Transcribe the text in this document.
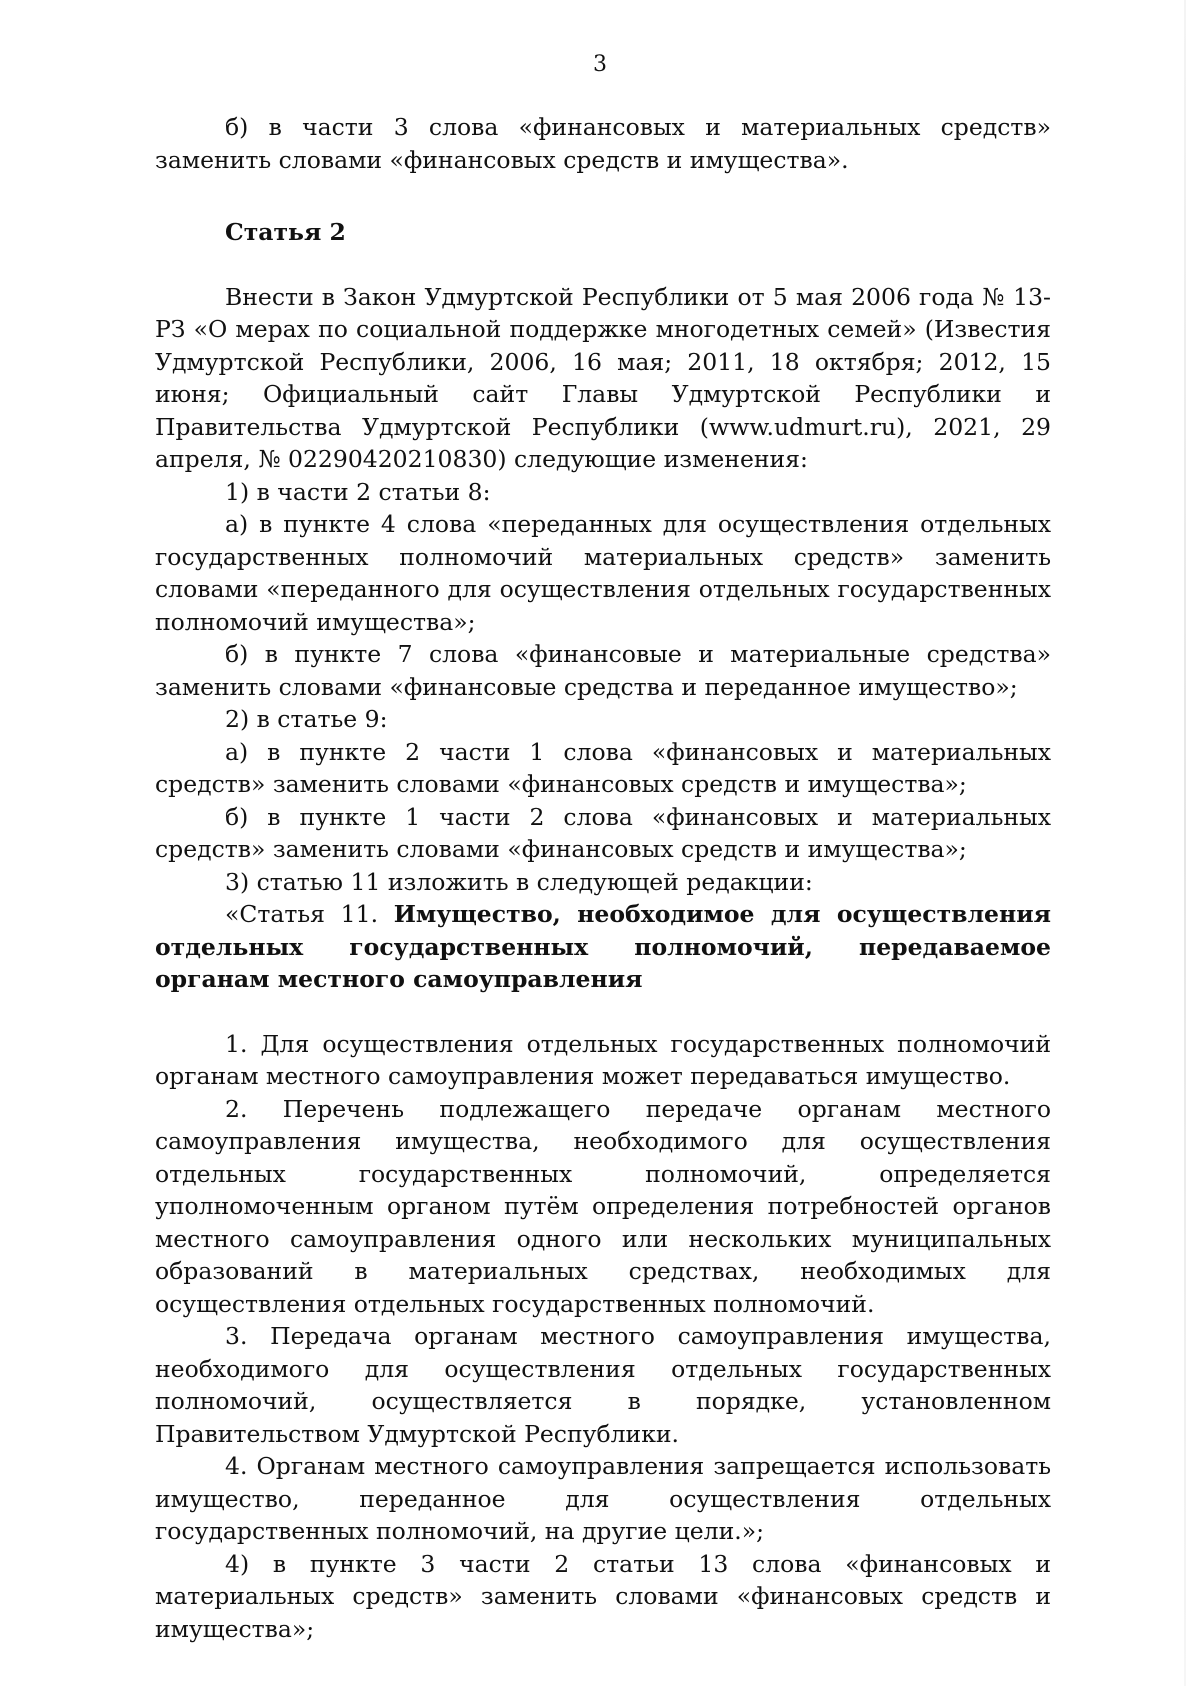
3

б) в части 3 слова «финансовых и материальных средств» заменить словами «финансовых средств и имущества».

Статья 2

Внести в Закон Удмуртской Республики от 5 мая 2006 года № 13-РЗ «О мерах по социальной поддержке многодетных семей» (Известия Удмуртской Республики, 2006, 16 мая; 2011, 18 октября; 2012, 15 июня; Официальный сайт Главы Удмуртской Республики и Правительства Удмуртской Республики (www.udmurt.ru), 2021, 29 апреля, № 02290420210830) следующие изменения:

1) в части 2 статьи 8:

а) в пункте 4 слова «переданных для осуществления отдельных государственных полномочий материальных средств» заменить словами «переданного для осуществления отдельных государственных полномочий имущества»;

б) в пункте 7 слова «финансовые и материальные средства» заменить словами «финансовые средства и переданное имущество»;

2) в статье 9:

а) в пункте 2 части 1 слова «финансовых и материальных средств» заменить словами «финансовых средств и имущества»;

б) в пункте 1 части 2 слова «финансовых и материальных средств» заменить словами «финансовых средств и имущества»;

3) статью 11 изложить в следующей редакции:

«Статья 11. Имущество, необходимое для осуществления отдельных государственных полномочий, передаваемое органам местного самоуправления

1. Для осуществления отдельных государственных полномочий органам местного самоуправления может передаваться имущество.

2. Перечень подлежащего передаче органам местного самоуправления имущества, необходимого для осуществления отдельных государственных полномочий, определяется уполномоченным органом путём определения потребностей органов местного самоуправления одного или нескольких муниципальных образований в материальных средствах, необходимых для осуществления отдельных государственных полномочий.

3. Передача органам местного самоуправления имущества, необходимого для осуществления отдельных государственных полномочий, осуществляется в порядке, установленном Правительством Удмуртской Республики.

4. Органам местного самоуправления запрещается использовать имущество, переданное для осуществления отдельных государственных полномочий, на другие цели.»;

4) в пункте 3 части 2 статьи 13 слова «финансовых и материальных средств» заменить словами «финансовых средств и имущества»;
